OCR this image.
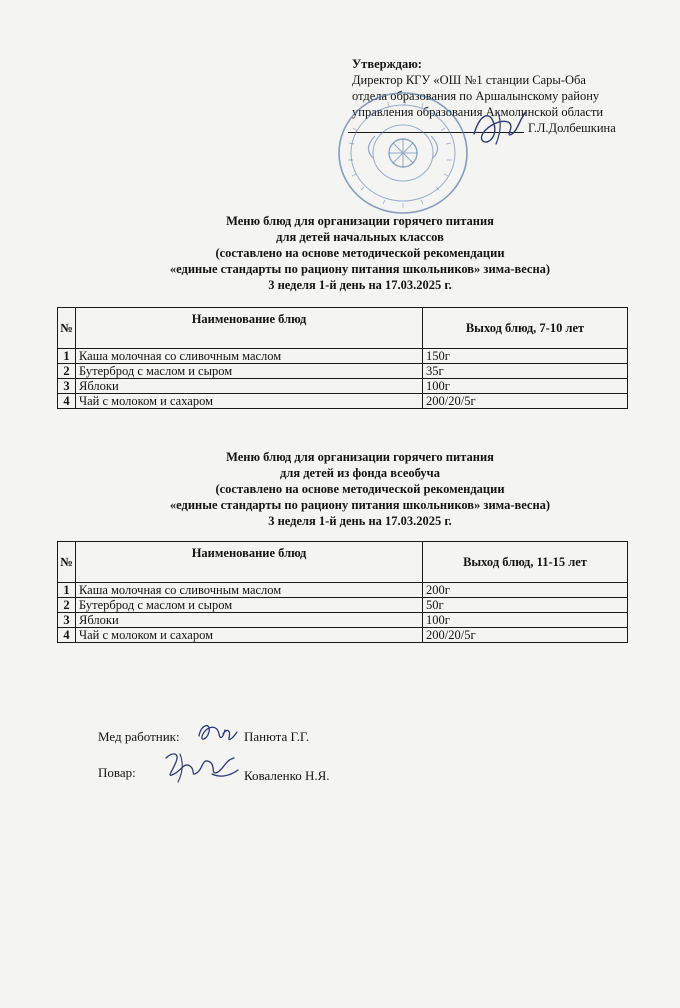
Утверждаю:
Директор КГУ «ОШ №1 станции Сары-Оба
отдела образования по Аршалынскому району
управления образования Акмолинской области
Г.Л.Долбешкина
Меню блюд для организации горячего питания
для детей начальных классов
(составлено на основе методической рекомендации
«единые стандарты по рациону питания школьников» зима-весна)
3 неделя 1-й день на 17.03.2025 г.
№	Наименование блюд	Выход блюд, 7-10 лет
1	Каша молочная со сливочным маслом	150г
2	Бутерброд с маслом и сыром	35г
3	Яблоки	100г
4	Чай с молоком и сахаром	200/20/5г
Меню блюд для организации горячего питания
для детей из фонда всеобуча
(составлено на основе методической рекомендации
«единые стандарты по рациону питания школьников» зима-весна)
3 неделя 1-й день на 17.03.2025 г.
№	Наименование блюд	Выход блюд, 11-15 лет
1	Каша молочная со сливочным маслом	200г
2	Бутерброд с маслом и сыром	50г
3	Яблоки	100г
4	Чай с молоком и сахаром	200/20/5г
Мед работник:	Панюта Г.Г.
Повар:	Коваленко Н.Я.
